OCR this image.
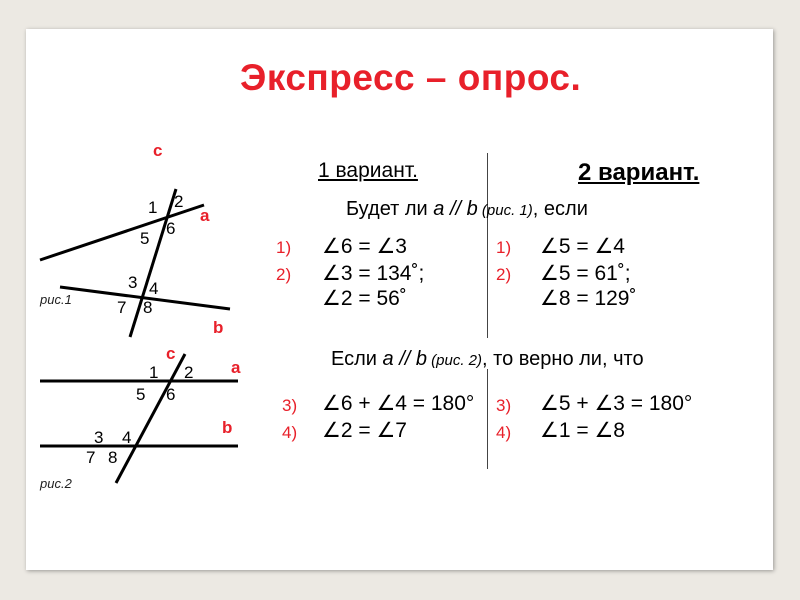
Экспресс – опрос.
c
a
b
1 2
5
6
3 4
7 8
рис.1
c
a
b
1 2
5 6
3 4
7 8
рис.2
1 вариант.	2 вариант.
Будет ли a // b (рис. 1), если
1) ∠6 = ∠3
2) ∠3 = 134˚;
∠2 = 56˚
1) ∠5 = ∠4
2) ∠5 = 61˚;
∠8 = 129˚
Если a // b (рис. 2), то верно ли, что
3) ∠6 + ∠4 = 180°
4) ∠2 = ∠7
3) ∠5 + ∠3 = 180°
4) ∠1 = ∠8
